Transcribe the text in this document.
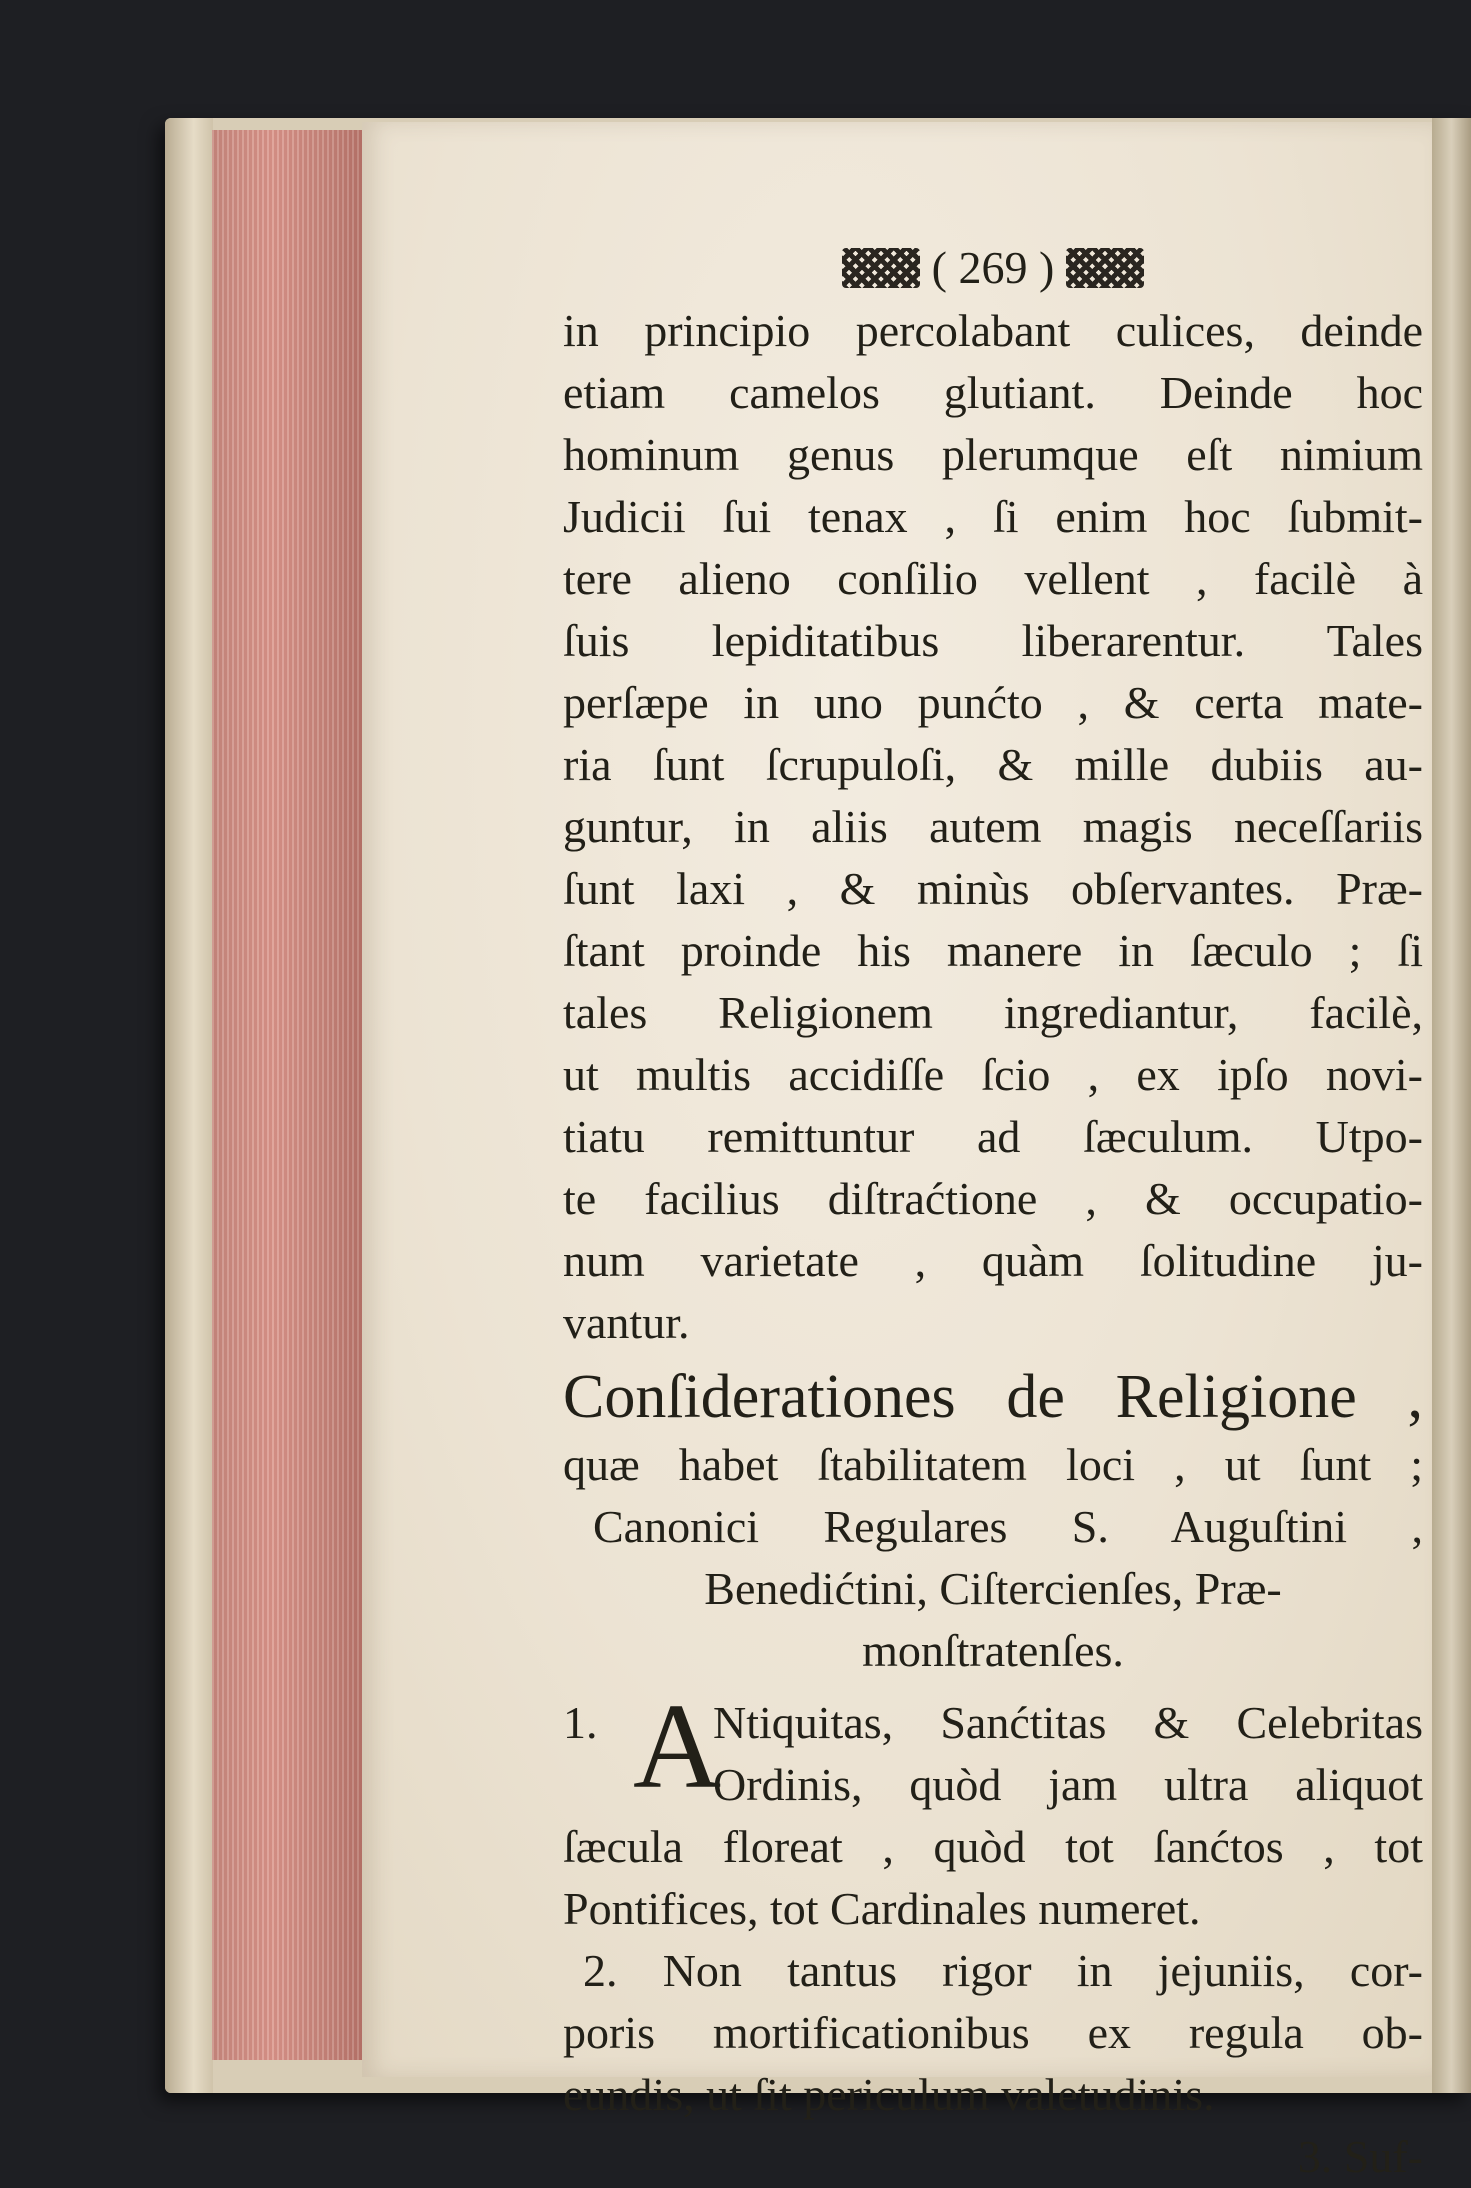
( 269 )
in principio percolabant culices, deinde
etiam camelos glutiant. Deinde hoc
hominum genus plerumque eſt nimium
Judicii ſui tenax , ſi enim hoc ſubmit-
tere alieno conſilio vellent , facilè à
ſuis lepiditatibus liberarentur. Tales
perſæpe in uno punćto , & certa mate-
ria ſunt ſcrupuloſi, & mille dubiis au-
guntur, in aliis autem magis neceſſariis
ſunt laxi , & minùs obſervantes. Præ-
ſtant proinde his manere in ſæculo ; ſi
tales Religionem ingrediantur, facilè,
ut multis accidiſſe ſcio , ex ipſo novi-
tiatu remittuntur ad ſæculum. Utpo-
te facilius diſtraćtione , & occupatio-
num varietate , quàm ſolitudine ju-
vantur.
Conſiderationes de Religione ,
quæ habet ſtabilitatem loci , ut ſunt ;
Canonici Regulares S. Auguſtini ,
Benedićtini, Ciſtercienſes, Præ-
monſtratenſes.
1. A
Ntiquitas, Sanćtitas & Celebritas
Ordinis, quòd jam ultra aliquot
ſæcula floreat , quòd tot ſanćtos , tot
Pontifices, tot Cardinales numeret.
2. Non tantus rigor in jejuniis, cor-
poris mortificationibus ex regula ob-
eundis, ut ſit periculum valetudinis.
3. Suf-
